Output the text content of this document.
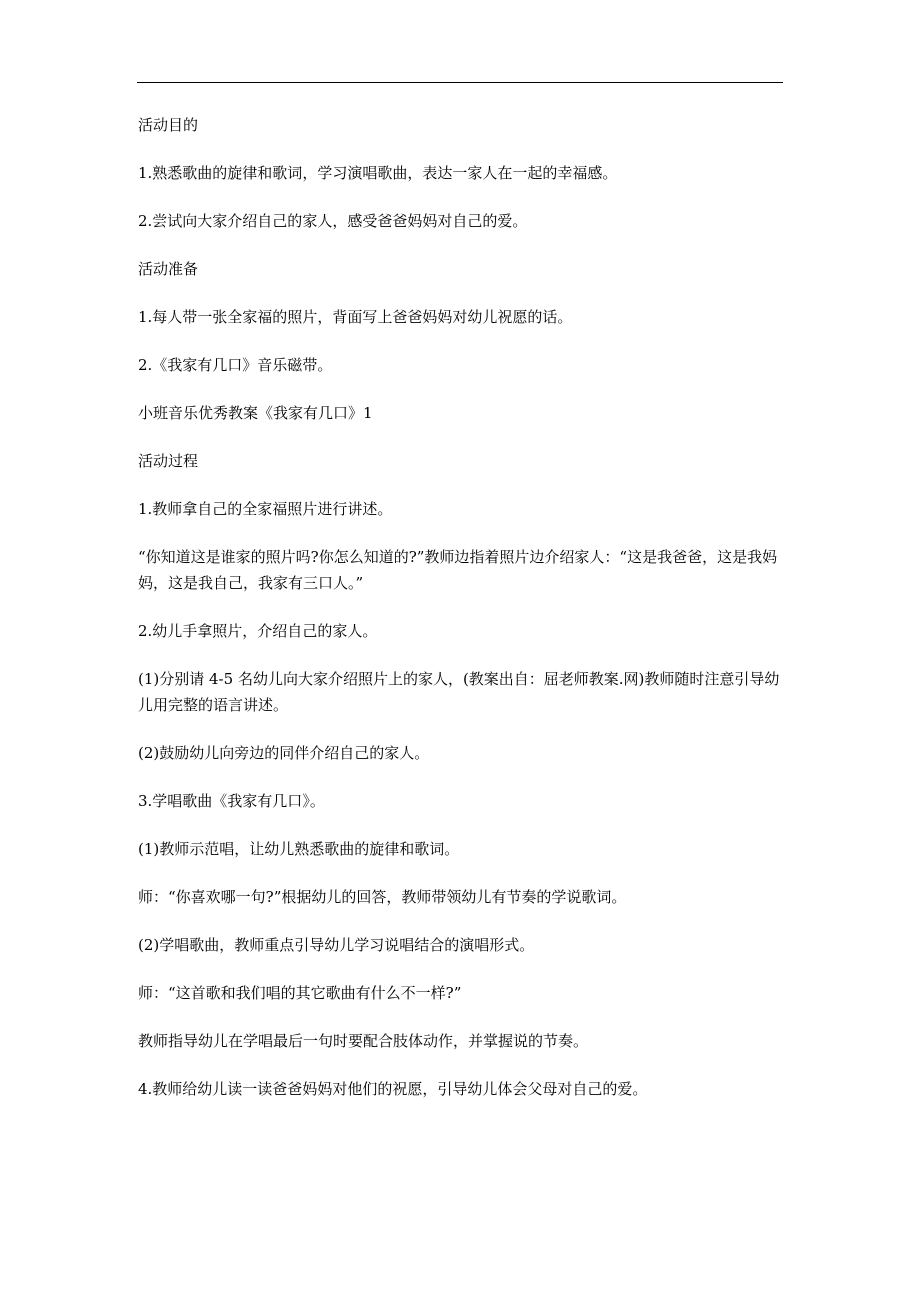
活动目的

1.熟悉歌曲的旋律和歌词，学习演唱歌曲，表达一家人在一起的幸福感。

2.尝试向大家介绍自己的家人，感受爸爸妈妈对自己的爱。

活动准备

1.每人带一张全家福的照片，背面写上爸爸妈妈对幼儿祝愿的话。

2.《我家有几口》音乐磁带。

小班音乐优秀教案《我家有几口》1

活动过程

1.教师拿自己的全家福照片进行讲述。

“你知道这是谁家的照片吗?你怎么知道的?”教师边指着照片边介绍家人：“这是我爸爸，这是我妈妈，这是我自己，我家有三口人。”

2.幼儿手拿照片，介绍自己的家人。

(1)分别请 4-5 名幼儿向大家介绍照片上的家人，(教案出自：屈老师教案.网)教师随时注意引导幼儿用完整的语言讲述。

(2)鼓励幼儿向旁边的同伴介绍自己的家人。

3.学唱歌曲《我家有几口》。

(1)教师示范唱，让幼儿熟悉歌曲的旋律和歌词。

师：“你喜欢哪一句?”根据幼儿的回答，教师带领幼儿有节奏的学说歌词。

(2)学唱歌曲，教师重点引导幼儿学习说唱结合的演唱形式。

师：“这首歌和我们唱的其它歌曲有什么不一样?”

教师指导幼儿在学唱最后一句时要配合肢体动作，并掌握说的节奏。

4.教师给幼儿读一读爸爸妈妈对他们的祝愿，引导幼儿体会父母对自己的爱。
